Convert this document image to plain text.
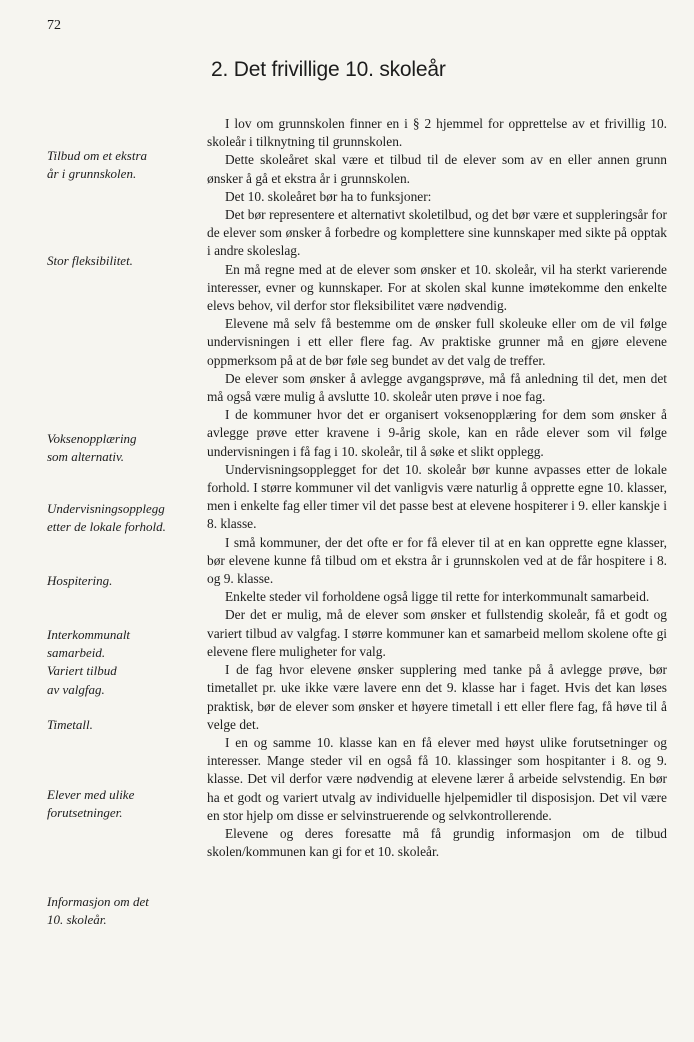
72
2. Det frivillige 10. skoleår

Tilbud om et ekstra
år i grunnskolen.

Stor fleksibilitet.

Voksenopplæring
som alternativ.

Undervisningsopplegg
etter de lokale forhold.

Hospitering.

Interkommunalt
samarbeid.
Variert tilbud
av valgfag.

Timetall.

Elever med ulike
forutsetninger.

Informasjon om det
10. skoleår.

I lov om grunnskolen finner en i § 2 hjemmel for opprettelse av et frivillig 10. skoleår i tilknytning til grunnskolen.

Dette skoleåret skal være et tilbud til de elever som av en eller annen grunn ønsker å gå et ekstra år i grunnskolen.

Det 10. skoleåret bør ha to funksjoner:

Det bør representere et alternativt skoletilbud, og det bør være et suppleringsår for de elever som ønsker å forbedre og komplettere sine kunnskaper med sikte på opptak i andre skoleslag.

En må regne med at de elever som ønsker et 10. skoleår, vil ha sterkt varierende interesser, evner og kunnskaper. For at skolen skal kunne imøtekomme den enkelte elevs behov, vil derfor stor fleksibilitet være nødvendig.

Elevene må selv få bestemme om de ønsker full skoleuke eller om de vil følge undervisningen i ett eller flere fag. Av praktiske grunner må en gjøre elevene oppmerksom på at de bør føle seg bundet av det valg de treffer.

De elever som ønsker å avlegge avgangsprøve, må få anledning til det, men det må også være mulig å avslutte 10. skoleår uten prøve i noe fag.

I de kommuner hvor det er organisert voksenopplæring for dem som ønsker å avlegge prøve etter kravene i 9-årig skole, kan en råde elever som vil følge undervisningen i få fag i 10. skoleår, til å søke et slikt opplegg.

Undervisningsopplegget for det 10. skoleår bør kunne avpasses etter de lokale forhold. I større kommuner vil det vanligvis være naturlig å opprette egne 10. klasser, men i enkelte fag eller timer vil det passe best at elevene hospiterer i 9. eller kanskje i 8. klasse.

I små kommuner, der det ofte er for få elever til at en kan opprette egne klasser, bør elevene kunne få tilbud om et ekstra år i grunnskolen ved at de får hospitere i 8. og 9. klasse.

Enkelte steder vil forholdene også ligge til rette for interkommunalt samarbeid.

Der det er mulig, må de elever som ønsker et fullstendig skoleår, få et godt og variert tilbud av valgfag. I større kommuner kan et samarbeid mellom skolene ofte gi elevene flere muligheter for valg.

I de fag hvor elevene ønsker supplering med tanke på å avlegge prøve, bør timetallet pr. uke ikke være lavere enn det 9. klasse har i faget. Hvis det kan løses praktisk, bør de elever som ønsker et høyere timetall i ett eller flere fag, få høve til å velge det.

I en og samme 10. klasse kan en få elever med høyst ulike forutsetninger og interesser. Mange steder vil en også få 10. klassinger som hospitanter i 8. og 9. klasse. Det vil derfor være nødvendig at elevene lærer å arbeide selvstendig. En bør ha et godt og variert utvalg av individuelle hjelpemidler til disposisjon. Det vil være en stor hjelp om disse er selvinstruerende og selvkontrollerende.

Elevene og deres foresatte må få grundig informasjon om de tilbud skolen/kommunen kan gi for et 10. skoleår.
